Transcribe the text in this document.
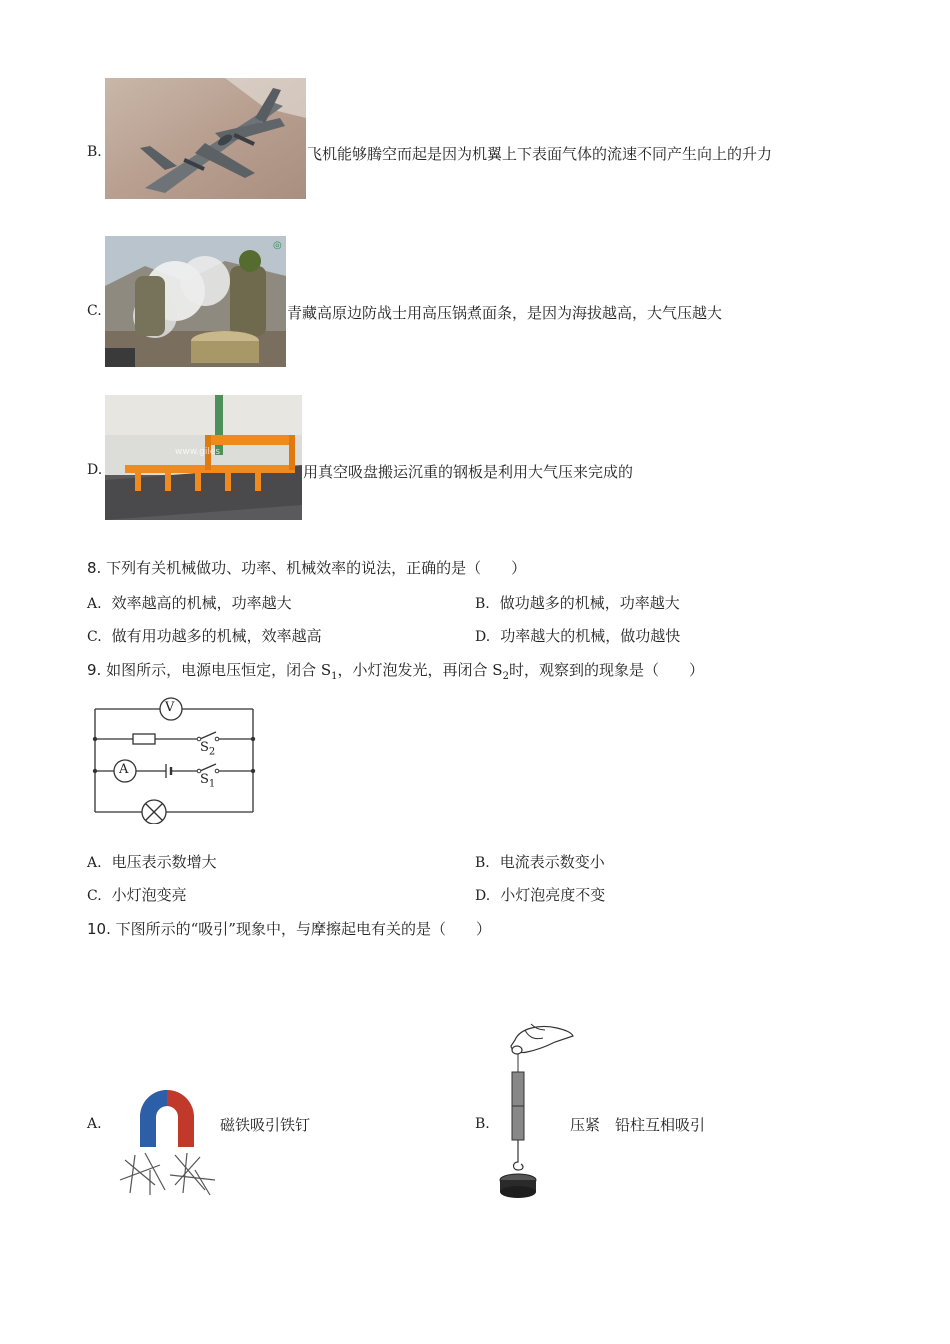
B.	飞机能够腾空而起是因为机翼上下表面气体的流速不同产生向上的升力
C.
◎
青藏高原边防战士用高压锅煮面条，是因为海拔越高，大气压越大
D.
www.giles
用真空吸盘搬运沉重的钢板是利用大气压来完成的
8. 下列有关机械做功、功率、机械效率的说法，正确的是（　　）
A. 效率越高的机械，功率越大	B. 做功越多的机械，功率越大
C. 做有用功越多的机械，效率越高	D. 功率越大的机械，做功越快
9. 如图所示，电源电压恒定，闭合 $S_1$，小灯泡发光，再闭合 $S_2$时，观察到的现象是（　　）
V
A
$S_2$
$S_1$
A. 电压表示数增大	B. 电流表示数变小
C. 小灯泡变亮	D. 小灯泡亮度不变
10. 下图所示的“吸引”现象中，与摩擦起电有关的是（　　）
A.	磁铁吸引铁钉	B.	压紧　铅柱互相吸引
